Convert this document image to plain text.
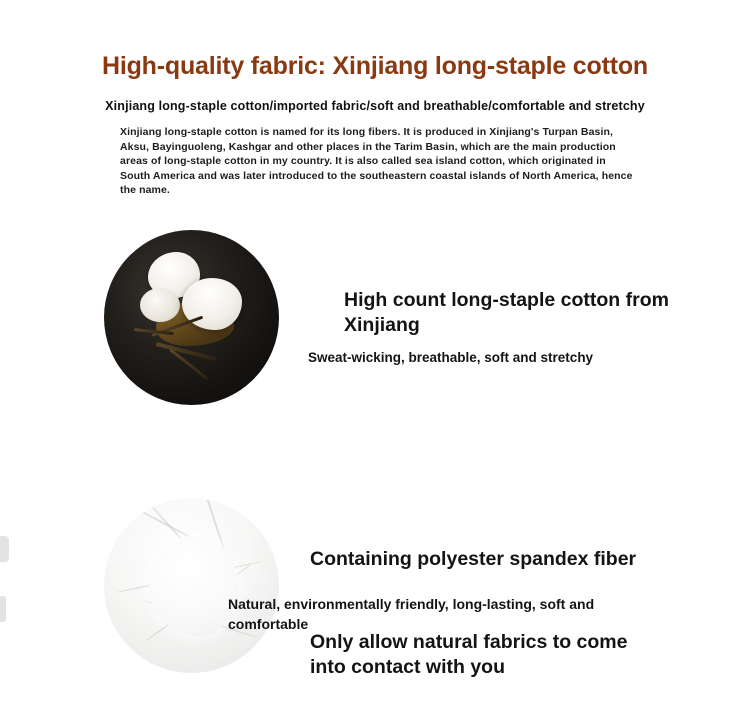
High-quality fabric: Xinjiang long-staple cotton
Xinjiang long-staple cotton/imported fabric/soft and breathable/comfortable and stretchy
Xinjiang long-staple cotton is named for its long fibers. It is produced in Xinjiang's Turpan Basin, Aksu, Bayinguoleng, Kashgar and other places in the Tarim Basin, which are the main production areas of long-staple cotton in my country. It is also called sea island cotton, which originated in South America and was later introduced to the southeastern coastal islands of North America, hence the name.
High count long-staple cotton from Xinjiang
Sweat-wicking, breathable, soft and stretchy
Containing polyester spandex fiber
Natural, environmentally friendly, long-lasting, soft and comfortable
Only allow natural fabrics to come into contact with you
